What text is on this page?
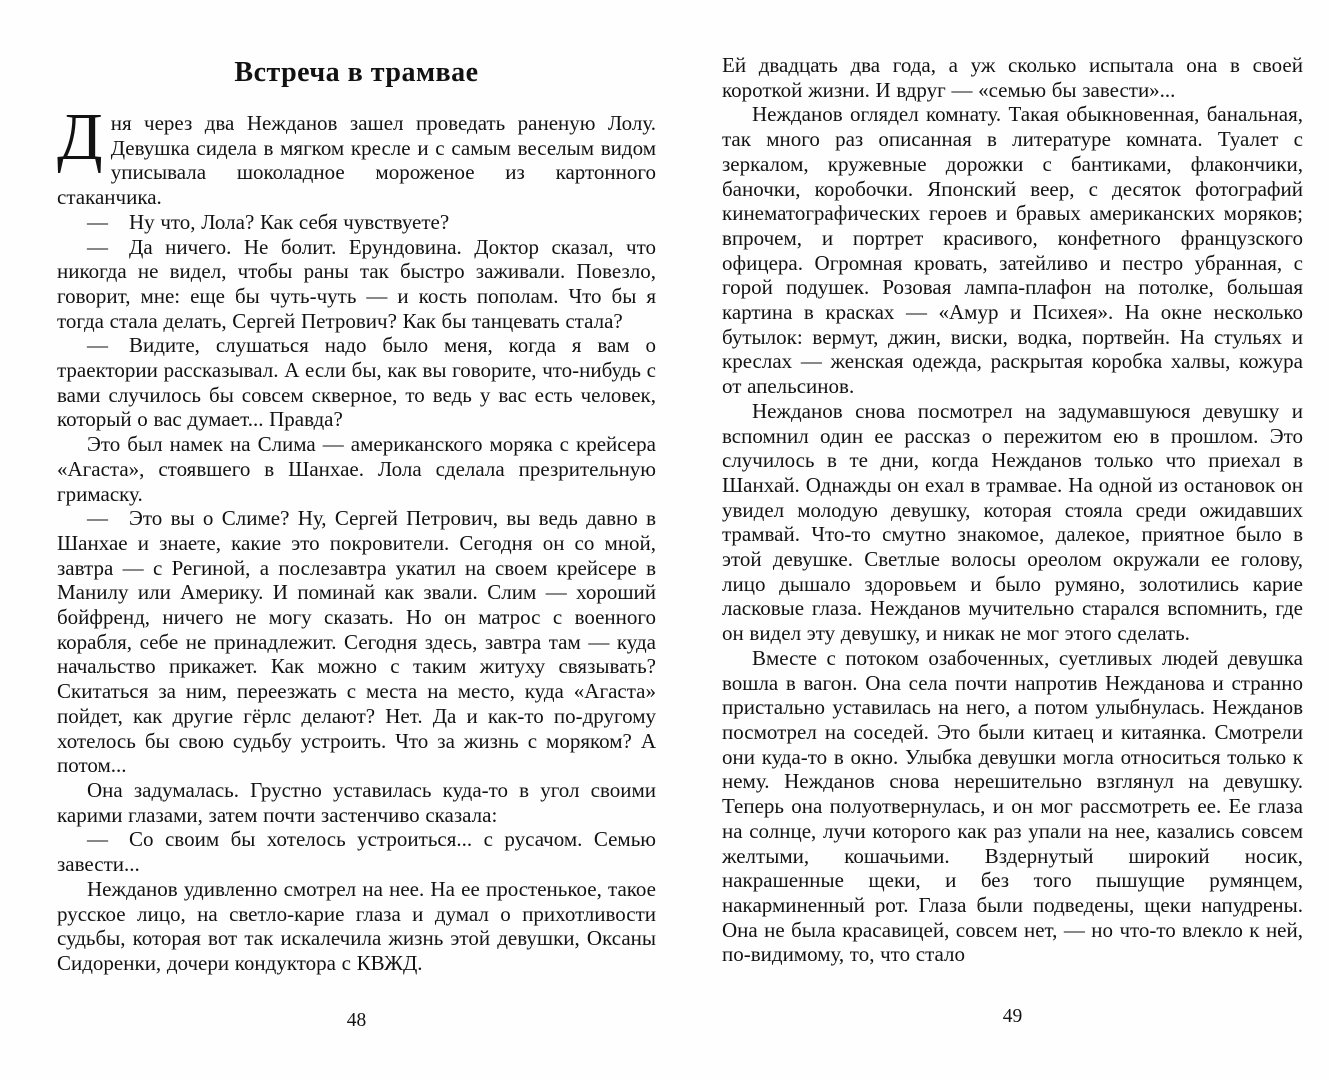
Встреча в трамвае

Дня через два Нежданов зашел проведать раненую Лолу. Девушка сидела в мягком кресле и с самым веселым видом уписывала шоколадное мороженое из картонного стаканчика.

— Ну что, Лола? Как себя чувствуете?

— Да ничего. Не болит. Ерундовина. Доктор сказал, что никогда не видел, чтобы раны так быстро заживали. Повезло, говорит, мне: еще бы чуть-чуть — и кость пополам. Что бы я тогда стала делать, Сергей Петрович? Как бы танцевать стала?

— Видите, слушаться надо было меня, когда я вам о траектории рассказывал. А если бы, как вы говорите, что-нибудь с вами случилось бы совсем скверное, то ведь у вас есть человек, который о вас думает... Правда?

Это был намек на Слима — американского моряка с крейсера «Агаста», стоявшего в Шанхае. Лола сделала презрительную гримаску.

— Это вы о Слиме? Ну, Сергей Петрович, вы ведь давно в Шанхае и знаете, какие это покровители. Сегодня он со мной, завтра — с Региной, а послезавтра укатил на своем крейсере в Манилу или Америку. И поминай как звали. Слим — хороший бойфренд, ничего не могу сказать. Но он матрос с военного корабля, себе не принадлежит. Сегодня здесь, завтра там — куда начальство прикажет. Как можно с таким житуху связывать? Скитаться за ним, переезжать с места на место, куда «Агаста» пойдет, как другие гёрлс делают? Нет. Да и как-то по-другому хотелось бы свою судьбу устроить. Что за жизнь с моряком? А потом...

Она задумалась. Грустно уставилась куда-то в угол своими карими глазами, затем почти застенчиво сказала:

— Со своим бы хотелось устроиться... с русачом. Семью завести...

Нежданов удивленно смотрел на нее. На ее простенькое, такое русское лицо, на светло-карие глаза и думал о прихотливости судьбы, которая вот так искалечила жизнь этой девушки, Оксаны Сидоренки, дочери кондуктора с КВЖД.

48

Ей двадцать два года, а уж сколько испытала она в своей короткой жизни. И вдруг — «семью бы завести»...

Нежданов оглядел комнату. Такая обыкновенная, банальная, так много раз описанная в литературе комната. Туалет с зеркалом, кружевные дорожки с бантиками, флакончики, баночки, коробочки. Японский веер, с десяток фотографий кинематографических героев и бравых американских моряков; впрочем, и портрет красивого, конфетного французского офицера. Огромная кровать, затейливо и пестро убранная, с горой подушек. Розовая лампа-плафон на потолке, большая картина в красках — «Амур и Психея». На окне несколько бутылок: вермут, джин, виски, водка, портвейн. На стульях и креслах — женская одежда, раскрытая коробка халвы, кожура от апельсинов.

Нежданов снова посмотрел на задумавшуюся девушку и вспомнил один ее рассказ о пережитом ею в прошлом. Это случилось в те дни, когда Нежданов только что приехал в Шанхай. Однажды он ехал в трамвае. На одной из остановок он увидел молодую девушку, которая стояла среди ожидавших трамвай. Что-то смутно знакомое, далекое, приятное было в этой девушке. Светлые волосы ореолом окружали ее голову, лицо дышало здоровьем и было румяно, золотились карие ласковые глаза. Нежданов мучительно старался вспомнить, где он видел эту девушку, и никак не мог этого сделать.

Вместе с потоком озабоченных, суетливых людей девушка вошла в вагон. Она села почти напротив Нежданова и странно пристально уставилась на него, а потом улыбнулась. Нежданов посмотрел на соседей. Это были китаец и китаянка. Смотрели они куда-то в окно. Улыбка девушки могла относиться только к нему. Нежданов снова нерешительно взглянул на девушку. Теперь она полуотвернулась, и он мог рассмотреть ее. Ее глаза на солнце, лучи которого как раз упали на нее, казались совсем желтыми, кошачьими. Вздернутый широкий носик, накрашенные щеки, и без того пышущие румянцем, накарминенный рот. Глаза были подведены, щеки напудрены. Она не была красавицей, совсем нет, — но что-то влекло к ней, по-видимому, то, что стало

49
